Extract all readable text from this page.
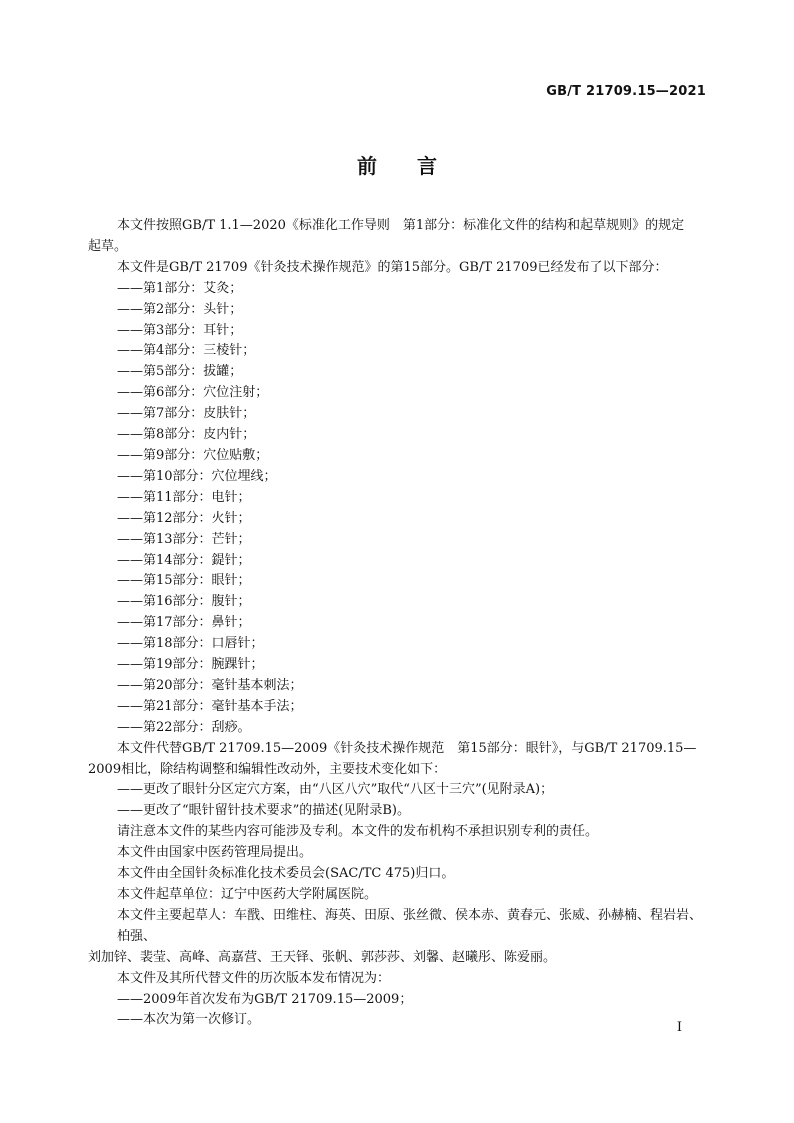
GB/T 21709.15—2021
前 言

本文件按照GB/T 1.1—2020《标准化工作导则　第1部分：标准化文件的结构和起草规则》的规定

起草。

本文件是GB/T 21709《针灸技术操作规范》的第15部分。GB/T 21709已经发布了以下部分：

——第1部分：艾灸；

——第2部分：头针；

——第3部分：耳针；

——第4部分：三棱针；

——第5部分：拔罐；

——第6部分：穴位注射；

——第7部分：皮肤针；

——第8部分：皮内针；

——第9部分：穴位贴敷；

——第10部分：穴位埋线；

——第11部分：电针；

——第12部分：火针；

——第13部分：芒针；

——第14部分：鍉针；

——第15部分：眼针；

——第16部分：腹针；

——第17部分：鼻针；

——第18部分：口唇针；

——第19部分：腕踝针；

——第20部分：毫针基本刺法；

——第21部分：毫针基本手法；

——第22部分：刮痧。

本文件代替GB/T 21709.15—2009《针灸技术操作规范　第15部分：眼针》，与GB/T 21709.15—

2009相比，除结构调整和编辑性改动外，主要技术变化如下：

——更改了眼针分区定穴方案，由“八区八穴”取代“八区十三穴”(见附录A)；

——更改了“眼针留针技术要求”的描述(见附录B)。

请注意本文件的某些内容可能涉及专利。本文件的发布机构不承担识别专利的责任。

本文件由国家中医药管理局提出。

本文件由全国针灸标准化技术委员会(SAC/TC 475)归口。

本文件起草单位：辽宁中医药大学附属医院。

本文件主要起草人：车戬、田维柱、海英、田原、张丝微、侯本赤、黄春元、张威、孙赫楠、程岩岩、柏强、

刘加锌、裴莹、高峰、高嘉营、王天铎、张帆、郭莎莎、刘馨、赵曦彤、陈爱丽。

本文件及其所代替文件的历次版本发布情况为：

——2009年首次发布为GB/T 21709.15—2009；

——本次为第一次修订。

I
